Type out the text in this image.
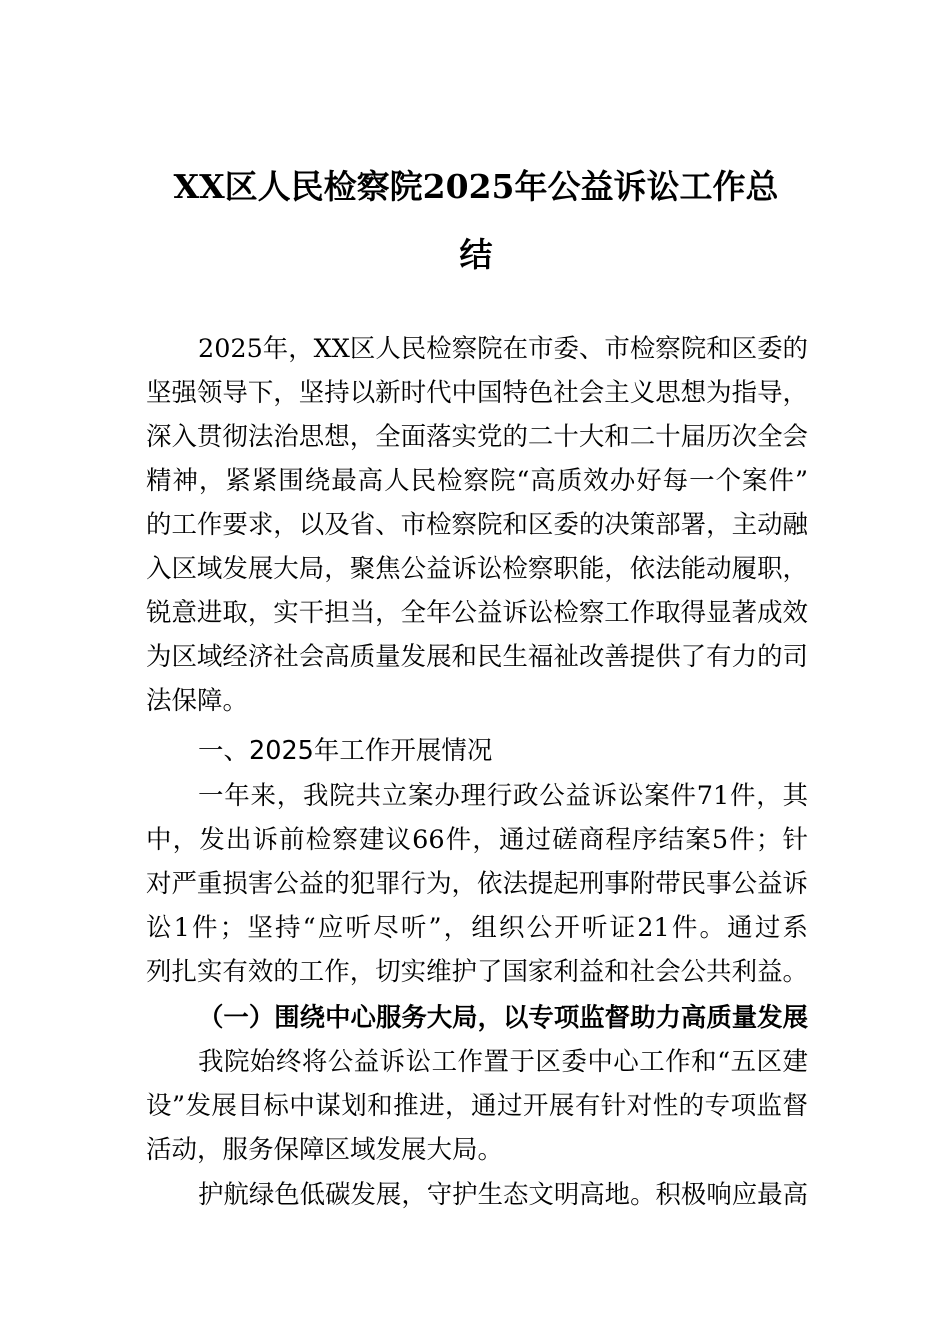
XX区人民检察院2025年公益诉讼工作总
结
2025年，XX区人民检察院在市委、市检察院和区委的
坚强领导下，坚持以新时代中国特色社会主义思想为指导，
深入贯彻法治思想，全面落实党的二十大和二十届历次全会
精神，紧紧围绕最高人民检察院“高质效办好每一个案件”
的工作要求，以及省、市检察院和区委的决策部署，主动融
入区域发展大局，聚焦公益诉讼检察职能，依法能动履职，
锐意进取，实干担当，全年公益诉讼检察工作取得显著成效
为区域经济社会高质量发展和民生福祉改善提供了有力的司
法保障。
一、2025年工作开展情况
一年来，我院共立案办理行政公益诉讼案件71件，其
中，发出诉前检察建议66件，通过磋商程序结案5件；针
对严重损害公益的犯罪行为，依法提起刑事附带民事公益诉
讼1件；坚持“应听尽听”，组织公开听证21件。通过系
列扎实有效的工作，切实维护了国家利益和社会公共利益。
（一）围绕中心服务大局，以专项监督助力高质量发展
我院始终将公益诉讼工作置于区委中心工作和“五区建
设”发展目标中谋划和推进，通过开展有针对性的专项监督
活动，服务保障区域发展大局。
护航绿色低碳发展，守护生态文明高地。积极响应最高
